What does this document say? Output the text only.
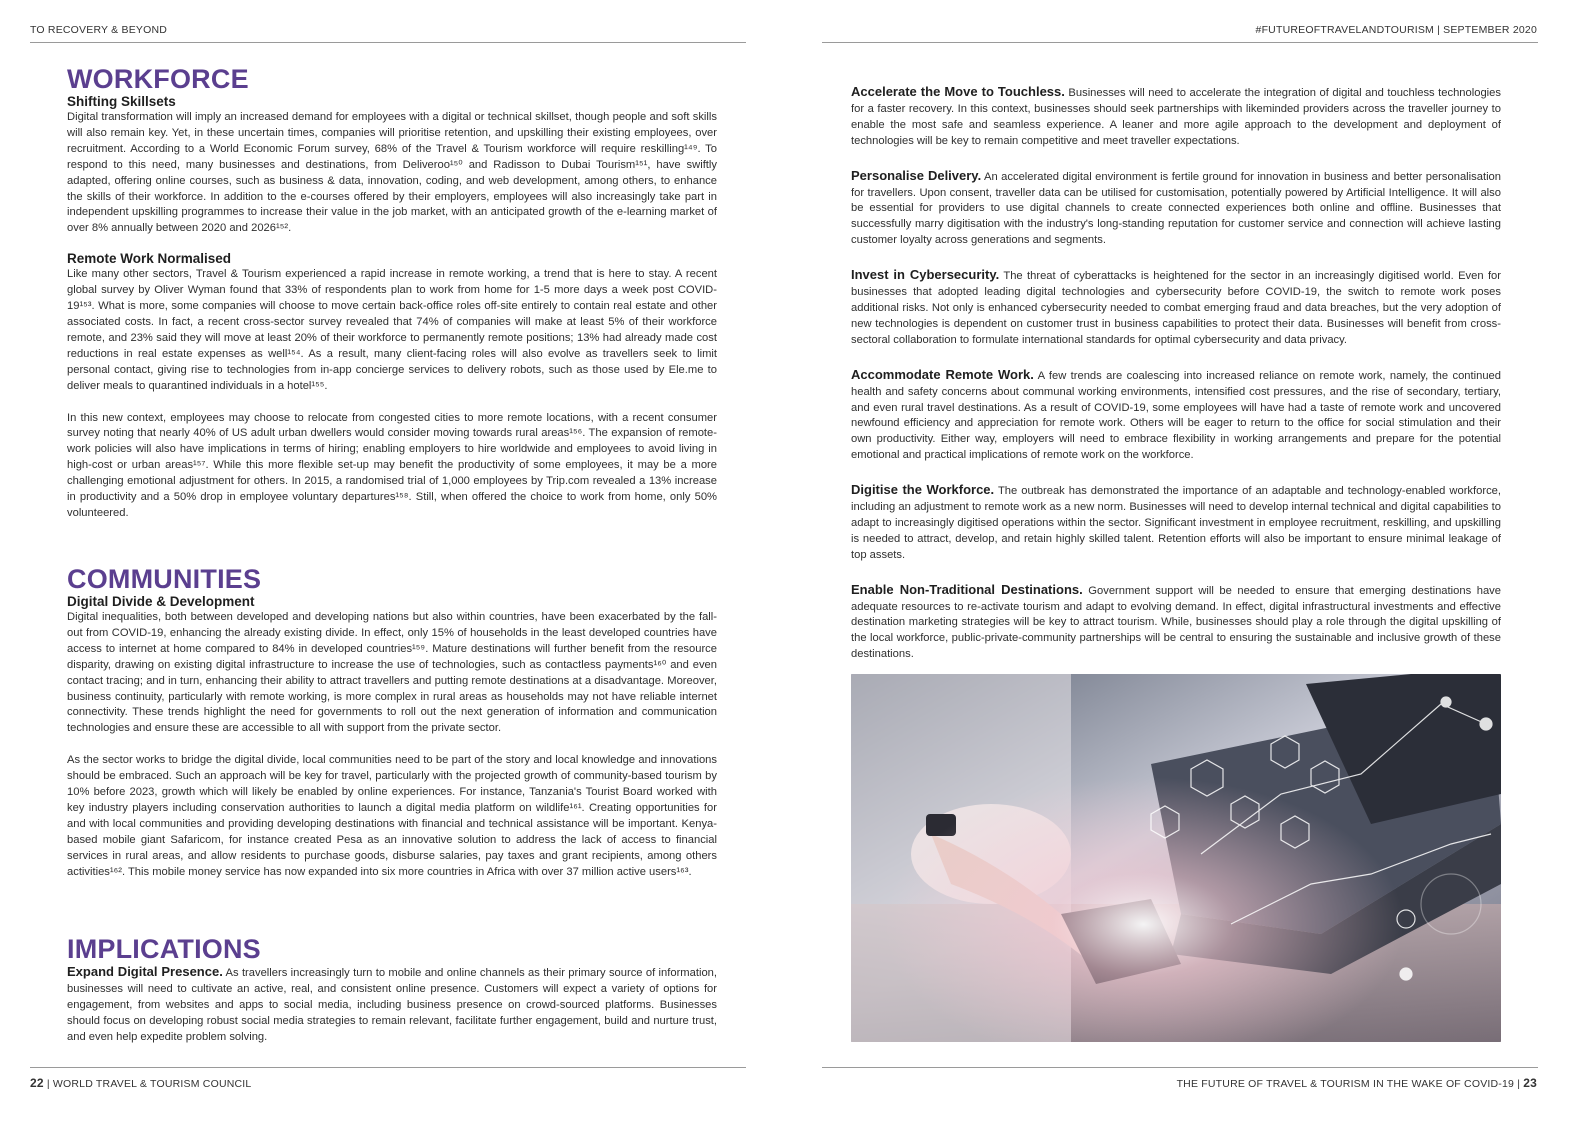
TO RECOVERY & BEYOND
WORKFORCE
Shifting Skillsets

Digital transformation will imply an increased demand for employees with a digital or technical skillset, though people and soft skills will also remain key. Yet, in these uncertain times, companies will prioritise retention, and upskilling their existing employees, over recruitment. According to a World Economic Forum survey, 68% of the Travel & Tourism workforce will require reskilling¹⁴⁹. To respond to this need, many businesses and destinations, from Deliveroo¹⁵⁰ and Radisson to Dubai Tourism¹⁵¹, have swiftly adapted, offering online courses, such as business & data, innovation, coding, and web development, among others, to enhance the skills of their workforce. In addition to the e-courses offered by their employers, employees will also increasingly take part in independent upskilling programmes to increase their value in the job market, with an anticipated growth of the e-learning market of over 8% annually between 2020 and 2026¹⁵².

Remote Work Normalised

Like many other sectors, Travel & Tourism experienced a rapid increase in remote working, a trend that is here to stay. A recent global survey by Oliver Wyman found that 33% of respondents plan to work from home for 1-5 more days a week post COVID-19¹⁵³. What is more, some companies will choose to move certain back-office roles off-site entirely to contain real estate and other associated costs. In fact, a recent cross-sector survey revealed that 74% of companies will make at least 5% of their workforce remote, and 23% said they will move at least 20% of their workforce to permanently remote positions; 13% had already made cost reductions in real estate expenses as well¹⁵⁴. As a result, many client-facing roles will also evolve as travellers seek to limit personal contact, giving rise to technologies from in-app concierge services to delivery robots, such as those used by Ele.me to deliver meals to quarantined individuals in a hotel¹⁵⁵.

In this new context, employees may choose to relocate from congested cities to more remote locations, with a recent consumer survey noting that nearly 40% of US adult urban dwellers would consider moving towards rural areas¹⁵⁶. The expansion of remote-work policies will also have implications in terms of hiring; enabling employers to hire worldwide and employees to avoid living in high-cost or urban areas¹⁵⁷. While this more flexible set-up may benefit the productivity of some employees, it may be a more challenging emotional adjustment for others. In 2015, a randomised trial of 1,000 employees by Trip.com revealed a 13% increase in productivity and a 50% drop in employee voluntary departures¹⁵⁸. Still, when offered the choice to work from home, only 50% volunteered.

COMMUNITIES
Digital Divide & Development

Digital inequalities, both between developed and developing nations but also within countries, have been exacerbated by the fall-out from COVID-19, enhancing the already existing divide. In effect, only 15% of households in the least developed countries have access to internet at home compared to 84% in developed countries¹⁵⁹. Mature destinations will further benefit from the resource disparity, drawing on existing digital infrastructure to increase the use of technologies, such as contactless payments¹⁶⁰ and even contact tracing; and in turn, enhancing their ability to attract travellers and putting remote destinations at a disadvantage. Moreover, business continuity, particularly with remote working, is more complex in rural areas as households may not have reliable internet connectivity. These trends highlight the need for governments to roll out the next generation of information and communication technologies and ensure these are accessible to all with support from the private sector.

As the sector works to bridge the digital divide, local communities need to be part of the story and local knowledge and innovations should be embraced. Such an approach will be key for travel, particularly with the projected growth of community-based tourism by 10% before 2023, growth which will likely be enabled by online experiences. For instance, Tanzania's Tourist Board worked with key industry players including conservation authorities to launch a digital media platform on wildlife¹⁶¹. Creating opportunities for and with local communities and providing developing destinations with financial and technical assistance will be important. Kenya-based mobile giant Safaricom, for instance created Pesa as an innovative solution to address the lack of access to financial services in rural areas, and allow residents to purchase goods, disburse salaries, pay taxes and grant recipients, among others activities¹⁶². This mobile money service has now expanded into six more countries in Africa with over 37 million active users¹⁶³.

IMPLICATIONS

Expand Digital Presence. As travellers increasingly turn to mobile and online channels as their primary source of information, businesses will need to cultivate an active, real, and consistent online presence. Customers will expect a variety of options for engagement, from websites and apps to social media, including business presence on crowd-sourced platforms. Businesses should focus on developing robust social media strategies to remain relevant, facilitate further engagement, build and nurture trust, and even help expedite problem solving.

22 | WORLD TRAVEL & TOURISM COUNCIL
#FUTUREOFTRAVELANDTOURISM | SEPTEMBER 2020

Accelerate the Move to Touchless. Businesses will need to accelerate the integration of digital and touchless technologies for a faster recovery. In this context, businesses should seek partnerships with likeminded providers across the traveller journey to enable the most safe and seamless experience. A leaner and more agile approach to the development and deployment of technologies will be key to remain competitive and meet traveller expectations.

Personalise Delivery. An accelerated digital environment is fertile ground for innovation in business and better personalisation for travellers. Upon consent, traveller data can be utilised for customisation, potentially powered by Artificial Intelligence. It will also be essential for providers to use digital channels to create connected experiences both online and offline. Businesses that successfully marry digitisation with the industry's long-standing reputation for customer service and connection will achieve lasting customer loyalty across generations and segments.

Invest in Cybersecurity. The threat of cyberattacks is heightened for the sector in an increasingly digitised world. Even for businesses that adopted leading digital technologies and cybersecurity before COVID-19, the switch to remote work poses additional risks. Not only is enhanced cybersecurity needed to combat emerging fraud and data breaches, but the very adoption of new technologies is dependent on customer trust in business capabilities to protect their data. Businesses will benefit from cross-sectoral collaboration to formulate international standards for optimal cybersecurity and data privacy.

Accommodate Remote Work. A few trends are coalescing into increased reliance on remote work, namely, the continued health and safety concerns about communal working environments, intensified cost pressures, and the rise of secondary, tertiary, and even rural travel destinations. As a result of COVID-19, some employees will have had a taste of remote work and uncovered newfound efficiency and appreciation for remote work. Others will be eager to return to the office for social stimulation and their own productivity. Either way, employers will need to embrace flexibility in working arrangements and prepare for the potential emotional and practical implications of remote work on the workforce.

Digitise the Workforce. The outbreak has demonstrated the importance of an adaptable and technology-enabled workforce, including an adjustment to remote work as a new norm. Businesses will need to develop internal technical and digital capabilities to adapt to increasingly digitised operations within the sector. Significant investment in employee recruitment, reskilling, and upskilling is needed to attract, develop, and retain highly skilled talent. Retention efforts will also be important to ensure minimal leakage of top assets.

Enable Non-Traditional Destinations. Government support will be needed to ensure that emerging destinations have adequate resources to re-activate tourism and adapt to evolving demand. In effect, digital infrastructural investments and effective destination marketing strategies will be key to attract tourism. While, businesses should play a role through the digital upskilling of the local workforce, public-private-community partnerships will be central to ensuring the sustainable and inclusive growth of these destinations.

THE FUTURE OF TRAVEL & TOURISM IN THE WAKE OF COVID-19 | 23
